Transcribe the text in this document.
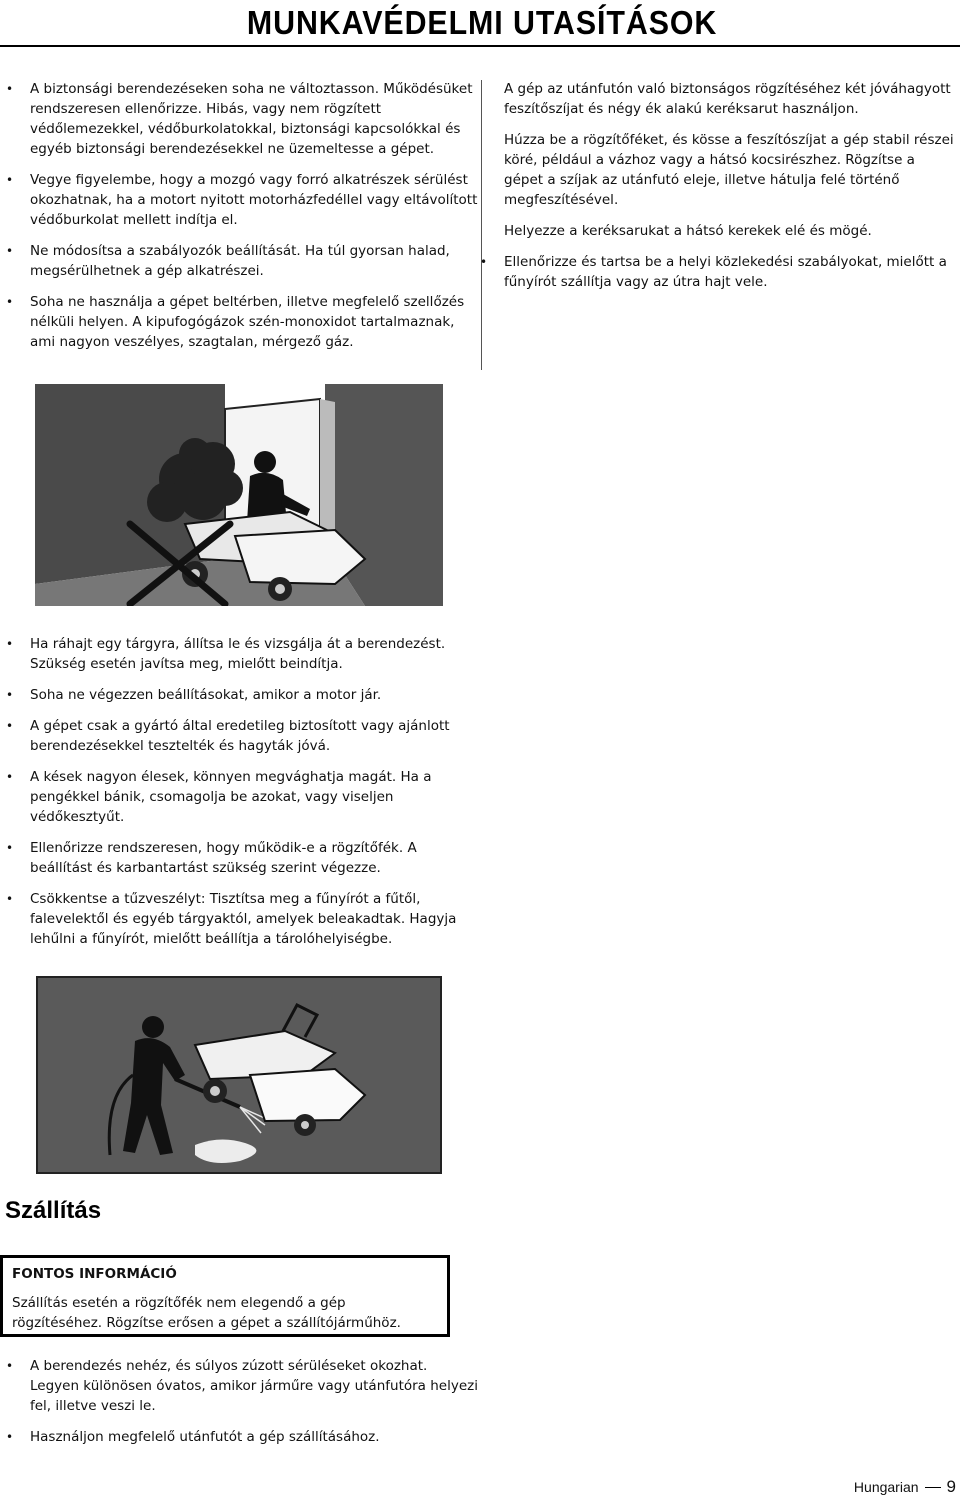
MUNKAVÉDELMI UTASÍTÁSOK
• A biztonsági berendezéseken soha ne változtasson. Működésüket rendszeresen ellenőrizze. Hibás, vagy nem rögzített védőlemezekkel, védőburkolatokkal, biztonsági kapcsolókkal és egyéb biztonsági berendezésekkel ne üzemeltesse a gépet.
• Vegye figyelembe, hogy a mozgó vagy forró alkatrészek sérülést okozhatnak, ha a motort nyitott motorházfedéllel vagy eltávolított védőburkolat mellett indítja el.
• Ne módosítsa a szabályozók beállítását. Ha túl gyorsan halad, megsérülhetnek a gép alkatrészei.
• Soha ne használja a gépet beltérben, illetve megfelelő szellőzés nélküli helyen. A kipufogógázok szén-monoxidot tartalmaznak, ami nagyon veszélyes, szagtalan, mérgező gáz.

A gép az utánfutón való biztonságos rögzítéséhez két jóváhagyott feszítőszíjat és négy ék alakú keréksarut használjon.

Húzza be a rögzítőféket, és kösse a feszítószíjat a gép stabil részei köré, például a vázhoz vagy a hátsó kocsirészhez. Rögzítse a gépet a szíjak az utánfutó eleje, illetve hátulja felé történő megfeszítésével.

Helyezze a keréksarukat a hátsó kerekek elé és mögé.

• Ellenőrizze és tartsa be a helyi közlekedési szabályokat, mielőtt a fűnyírót szállítja vagy az útra hajt vele.
• Ha ráhajt egy tárgyra, állítsa le és vizsgálja át a berendezést. Szükség esetén javítsa meg, mielőtt beindítja.
• Soha ne végezzen beállításokat, amikor a motor jár.
• A gépet csak a gyártó által eredetileg biztosított vagy ajánlott berendezésekkel tesztelték és hagyták jóvá.
• A kések nagyon élesek, könnyen megvághatja magát. Ha a pengékkel bánik, csomagolja be azokat, vagy viseljen védőkesztyűt.
• Ellenőrizze rendszeresen, hogy működik-e a rögzítőfék. A beállítást és karbantartást szükség szerint végezze.
• Csökkentse a tűzveszélyt: Tisztítsa meg a fűnyírót a fűtől, falevelektől és egyéb tárgyaktól, amelyek beleakadtak. Hagyja lehűlni a fűnyírót, mielőtt beállítja a tárolóhelyiségbe.
Szállítás
FONTOS INFORMÁCIÓ
Szállítás esetén a rögzítőfék nem elegendő a gép rögzítéséhez. Rögzítse erősen a gépet a szállítójárműhöz.
• A berendezés nehéz, és súlyos zúzott sérüléseket okozhat. Legyen különösen óvatos, amikor járműre vagy utánfutóra helyezi fel, illetve veszi le.
• Használjon megfelelő utánfutót a gép szállításához.
Hungarian 9
